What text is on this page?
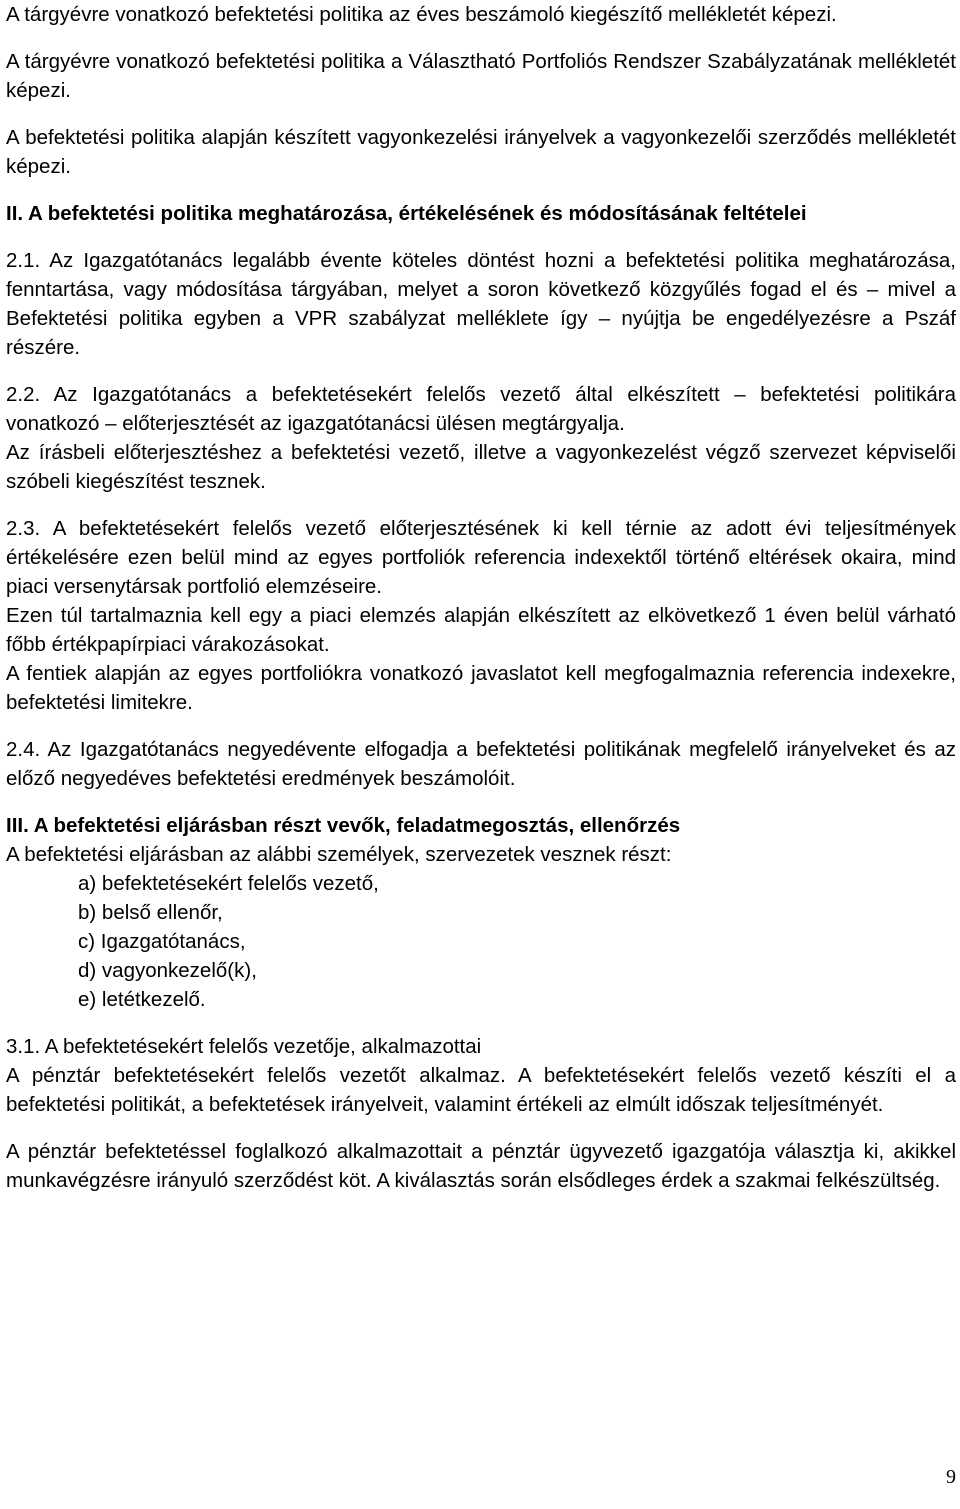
A tárgyévre vonatkozó befektetési politika az éves beszámoló kiegészítő mellékletét képezi.

A tárgyévre vonatkozó befektetési politika a Választható Portfoliós Rendszer Szabályzatának mellékletét képezi.

A befektetési politika alapján készített vagyonkezelési irányelvek a vagyonkezelői szerződés mellékletét képezi.

II. A befektetési politika meghatározása, értékelésének és módosításának feltételei

2.1. Az Igazgatótanács legalább évente köteles döntést hozni a befektetési politika meghatározása, fenntartása, vagy módosítása tárgyában, melyet a soron következő közgyűlés fogad el és – mivel a Befektetési politika egyben a VPR szabályzat melléklete így – nyújtja be engedélyezésre a Pszáf részére.

2.2. Az Igazgatótanács a befektetésekért felelős vezető által elkészített – befektetési politikára vonatkozó – előterjesztését az igazgatótanácsi ülésen megtárgyalja.

Az írásbeli előterjesztéshez a befektetési vezető, illetve a vagyonkezelést végző szervezet képviselői szóbeli kiegészítést tesznek.

2.3. A befektetésekért felelős vezető előterjesztésének ki kell térnie az adott évi teljesítmények értékelésére ezen belül mind az egyes portfoliók referencia indexektől történő eltérések okaira, mind piaci versenytársak portfolió elemzéseire.

Ezen túl tartalmaznia kell egy a piaci elemzés alapján elkészített az elkövetkező 1 éven belül várható főbb értékpapírpiaci várakozásokat.

A fentiek alapján az egyes portfoliókra vonatkozó javaslatot kell megfogalmaznia referencia indexekre, befektetési limitekre.

2.4. Az Igazgatótanács negyedévente elfogadja a befektetési politikának megfelelő irányelveket és az előző negyedéves befektetési eredmények beszámolóit.

III. A befektetési eljárásban részt vevők, feladatmegosztás, ellenőrzés

A befektetési eljárásban az alábbi személyek, szervezetek vesznek részt:

a) befektetésekért felelős vezető,
b) belső ellenőr,
c) Igazgatótanács,
d) vagyonkezelő(k),
e) letétkezelő.

3.1. A befektetésekért felelős vezetője, alkalmazottai

A pénztár befektetésekért felelős vezetőt alkalmaz. A befektetésekért felelős vezető készíti el a befektetési politikát, a befektetések irányelveit, valamint értékeli az elmúlt időszak teljesítményét.

A pénztár befektetéssel foglalkozó alkalmazottait a pénztár ügyvezető igazgatója választja ki, akikkel munkavégzésre irányuló szerződést köt. A kiválasztás során elsődleges érdek a szakmai felkészültség.

9
